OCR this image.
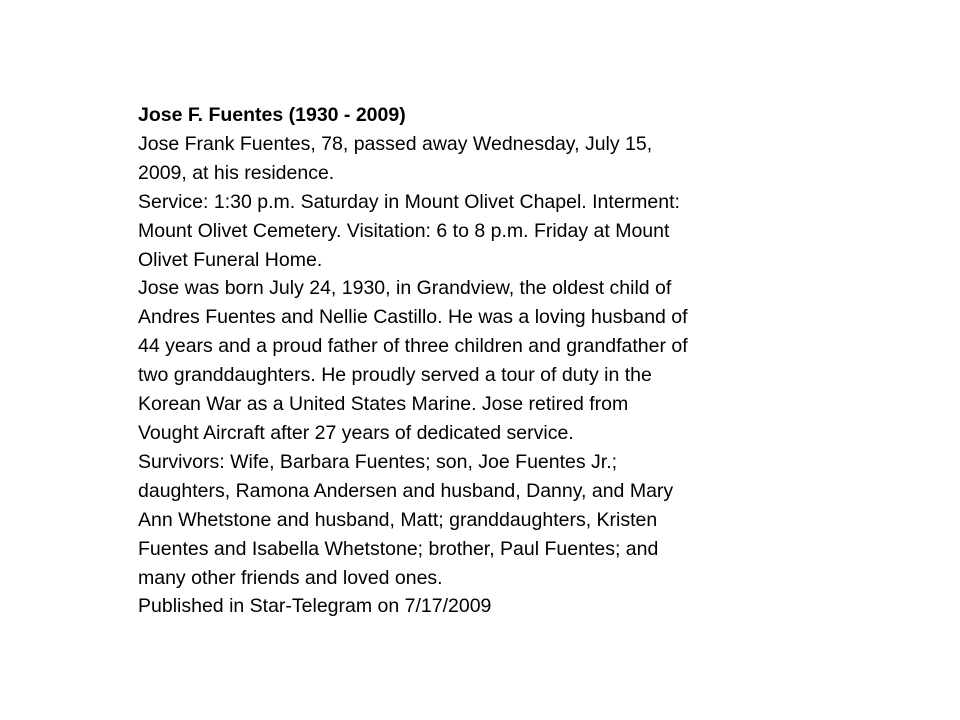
Jose F. Fuentes (1930 - 2009)
Jose Frank Fuentes, 78, passed away Wednesday, July 15,
2009, at his residence.
Service: 1:30 p.m. Saturday in Mount Olivet Chapel. Interment:
Mount Olivet Cemetery. Visitation: 6 to 8 p.m. Friday at Mount
Olivet Funeral Home.
Jose was born July 24, 1930, in Grandview, the oldest child of
Andres Fuentes and Nellie Castillo. He was a loving husband of
44 years and a proud father of three children and grandfather of
two granddaughters. He proudly served a tour of duty in the
Korean War as a United States Marine. Jose retired from
Vought Aircraft after 27 years of dedicated service.
Survivors: Wife, Barbara Fuentes; son, Joe Fuentes Jr.;
daughters, Ramona Andersen and husband, Danny, and Mary
Ann Whetstone and husband, Matt; granddaughters, Kristen
Fuentes and Isabella Whetstone; brother, Paul Fuentes; and
many other friends and loved ones.
Published in Star-Telegram on 7/17/2009
